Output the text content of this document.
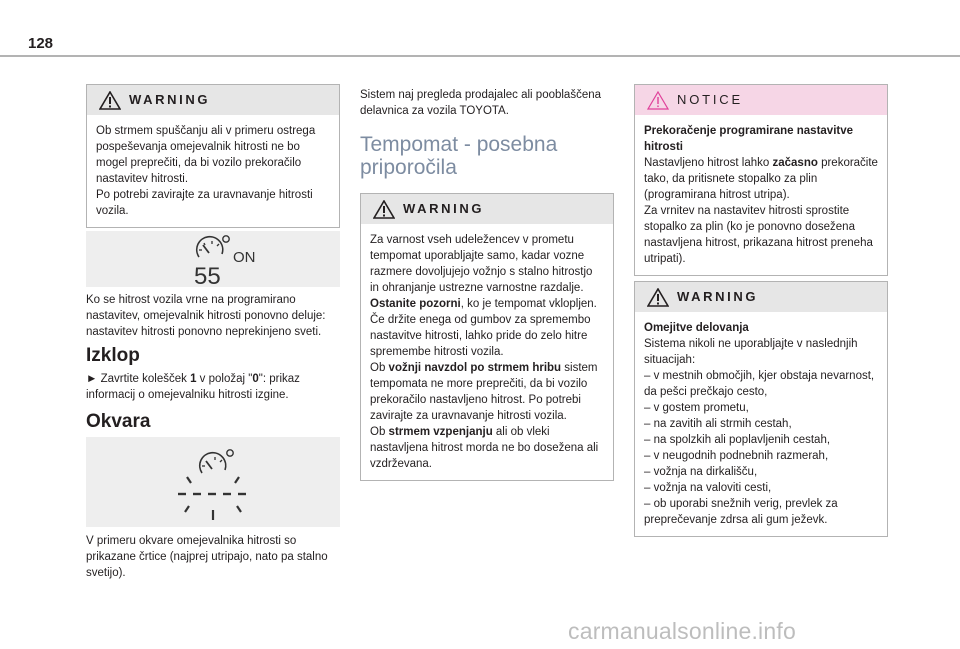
128
WARNING

Ob strmem spuščanju ali v primeru ostrega

pospeševanja omejevalnik hitrosti ne bo

mogel preprečiti, da bi vozilo prekoračilo

nastavitev hitrosti.

Po potrebi zavirajte za uravnavanje hitrosti

vozila.

ON
55

Ko se hitrost vozila vrne na programirano nastavitev, omejevalnik hitrosti ponovno deluje: nastavitev hitrosti ponovno neprekinjeno sveti.

Izklop

► Zavrtite kolešček 1 v položaj "0": prikaz informacij o omejevalniku hitrosti izgine.

Okvara

V primeru okvare omejevalnika hitrosti so prikazane črtice (najprej utripajo, nato pa stalno svetijo).

Sistem naj pregleda prodajalec ali pooblaščena delavnica za vozila TOYOTA.

Tempomat - posebna priporočila
WARNING

Za varnost vseh udeležencev v prometu tempomat uporabljajte samo, kadar vozne razmere dovoljujejo vožnjo s stalno hitrostjo in ohranjanje ustrezne varnostne razdalje.

Ostanite pozorni, ko je tempomat vklopljen. Če držite enega od gumbov za spremembo nastavitve hitrosti, lahko pride do zelo hitre spremembe hitrosti vozila.

Ob vožnji navzdol po strmem hribu sistem tempomata ne more preprečiti, da bi vozilo prekoračilo nastavljeno hitrost. Po potrebi zavirajte za uravnavanje hitrosti vozila.

Ob strmem vzpenjanju ali ob vleki nastavljena hitrost morda ne bo dosežena ali vzdrževana.

NOTICE

Prekoračenje programirane nastavitve hitrosti

Nastavljeno hitrost lahko začasno prekoračite tako, da pritisnete stopalko za plin (programirana hitrost utripa).

Za vrnitev na nastavitev hitrosti sprostite stopalko za plin (ko je ponovno dosežena nastavljena hitrost, prikazana hitrost preneha utripati).

WARNING

Omejitve delovanja

Sistema nikoli ne uporabljajte v naslednjih situacijah:

– v mestnih območjih, kjer obstaja nevarnost, da pešci prečkajo cesto,
– v gostem prometu,
– na zavitih ali strmih cestah,
– na spolzkih ali poplavljenih cestah,
– v neugodnih podnebnih razmerah,
– vožnja na dirkališču,
– vožnja na valoviti cesti,
– ob uporabi snežnih verig, prevlek za preprečevanje zdrsa ali gum ježevk.
carmanualsonline.info
